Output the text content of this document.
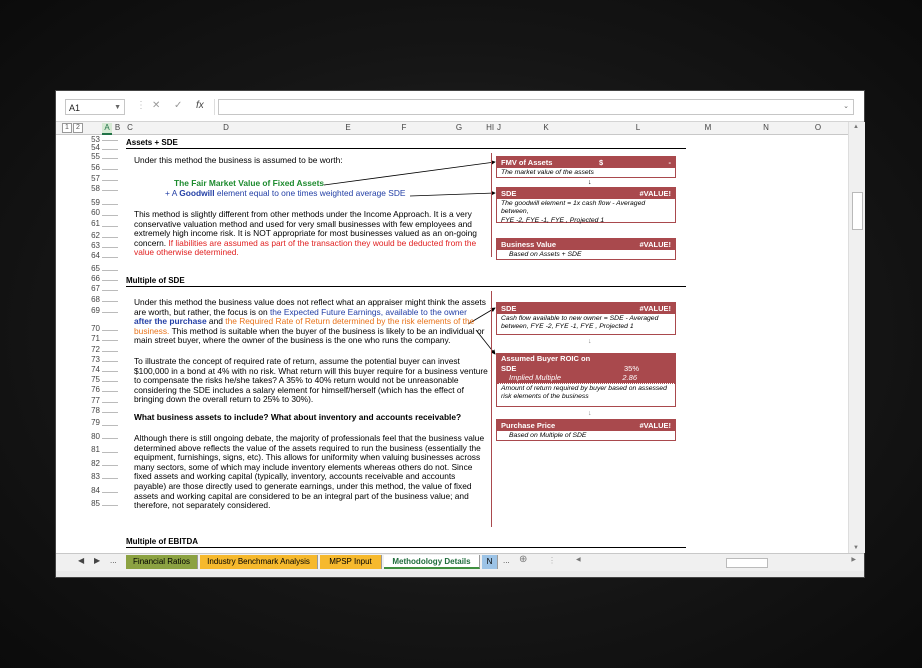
A1	▼ ⋮ ✕ ✓ fx	⌄
1 2	A B C	D	E	F	G	H I J	K	L	M	N	O
53
54
55
56
57
58
59
60
61
62
63
64
65
66
67
68
69
70
71
72
73
74
75
76
77
78
79
80
81
82
83
84
85
Assets + SDE
Under this method the business is assumed to be worth:
The Fair Market Value of Fixed Assets
+ A Goodwill element equal to one times weighted average SDE
This method is slightly different from other methods under the Income Approach. It is a very
conservative valuation method and used for very small businesses with few employees and
extremely high income risk. It is NOT appropriate for most businesses valued as an on-going
concern. If liabilities are assumed as part of the transaction they would be deducted from the
value otherwise determined.
FMV of Assets	$	-
The market value of the assets
↓
SDE	#VALUE!
The goodwill element = 1x cash flow - Averaged between,
FYE -2, FYE -1, FYE , Projected 1
Business Value	#VALUE!
Based on Assets + SDE
Multiple of SDE
Under this method the business value does not reflect what an appraiser might think the assets
are worth, but rather, the focus is on the Expected Future Earnings, available to the owner
after the purchase and the Required Rate of Return determined by the risk elements of the
business. This method is suitable when the buyer of the business is likely to be an individual or
main street buyer, where the owner of the business is the one who runs the company.
To illustrate the concept of required rate of return, assume the potential buyer can invest
$100,000 in a bond at 4% with no risk. What return will this buyer require for a business venture
to compensate the risks he/she takes? A 35% to 40% return would not be unreasonable
considering the SDE includes a salary element for himself/herself (which has the effect of
bringing down the overall return to 25% to 30%).
What business assets to include? What about inventory and accounts receivable?
Although there is still ongoing debate, the majority of professionals feel that the business value
determined above reflects the value of the assets required to run the business (essentially the
equipment, furnishings, signs, etc). This allows for uniformity when valuing businesses across
many sectors, some of which may include inventory elements whereas others do not. Since
fixed assets and working capital (typically, inventory, accounts receivable and accounts
payable) are those directly used to generate earnings, under this method, the value of fixed
assets and working capital are considered to be an integral part of the business value; and
therefore, not separately considered.
SDE	#VALUE!
Cash flow available to new owner = SDE - Averaged
between, FYE -2, FYE -1, FYE , Projected 1
↓
Assumed Buyer ROIC on
SDE	35%
Implied Multiple	2.86
Amount of return required by buyer based on assessed
risk elements of the business
↓
Purchase Price	#VALUE!
Based on Multiple of SDE
Multiple of EBITDA
▲
▼
◀ ▶ ...	Financial Ratios	Industry Benchmark Analysis	MPSP Input	Methodology Details	N	... ⊕	⋮	◀	▶
